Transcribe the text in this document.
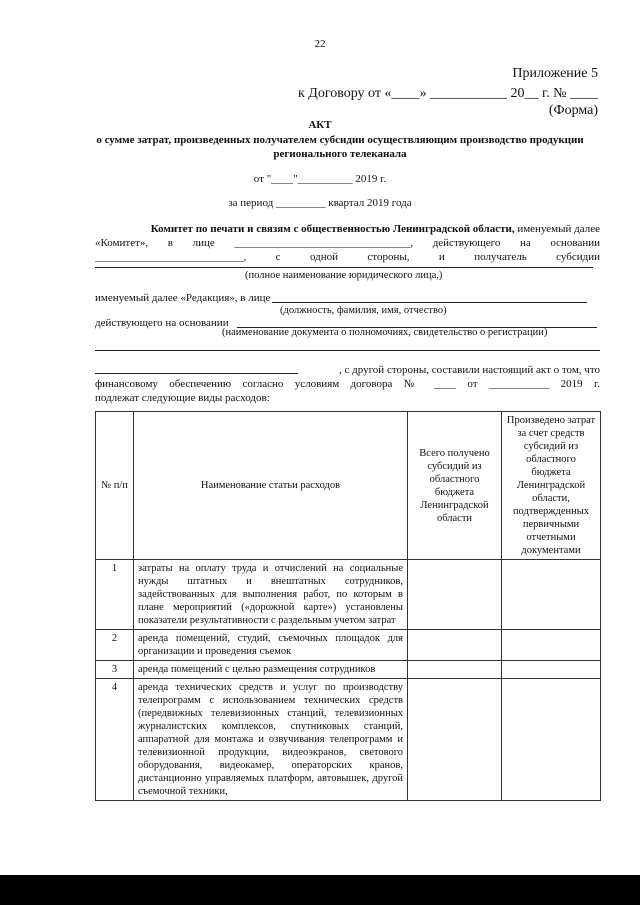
22
Приложение 5
к Договору от «____» ___________ 20__ г. № ____
(Форма)
АКТ
о сумме затрат, произведенных получателем субсидии осуществляющим производство продукции регионального телеканала
от "____"__________ 2019 г.
за период _________ квартал 2019 года
Комитет по печати и связям с общественностью Ленинградской области, именуемый далее
«Комитет», в лице ________________________________, действующего на основании
___________________________, с одной стороны, и получатель субсидии
(полное наименование юридического лица,)
именуемый далее «Редакция», в лице
(должность, фамилия, имя, отчество)
действующего на основании
(наименование документа о полномочиях, свидетельство о регистрации)
, с другой стороны, составили настоящий акт о том, что
финансовому обеспечению согласно условиям договора № ____ от ___________ 2019 г.
подлежат следующие виды расходов:
№ п/п	Наименование статьи расходов	Всего получено субсидий из областного бюджета Ленинградской области	Произведено затрат за счет средств субсидий из областного бюджета Ленинградской области, подтвержденных первичными отчетными документами
1	затраты на оплату труда и отчислений на социальные нужды штатных и внештатных сотрудников, задействованных для выполнения работ, по которым в плане мероприятий («дорожной карте») установлены показатели результативности с раздельным учетом затрат		
2	аренда помещений, студий, съемочных площадок для организации и проведения съемок		
3	аренда помещений с целью размещения сотрудников		
4	аренда технических средств и услуг по производству телепрограмм с использованием технических средств (передвижных телевизионных станций, телевизионных журналистских комплексов, спутниковых станций, аппаратной для монтажа и озвучивания телепрограмм и телевизионной продукции, видеоэкранов, светового оборудования, видеокамер, операторских кранов, дистанционно управляемых платформ, автовышек, другой съемочной техники,		
